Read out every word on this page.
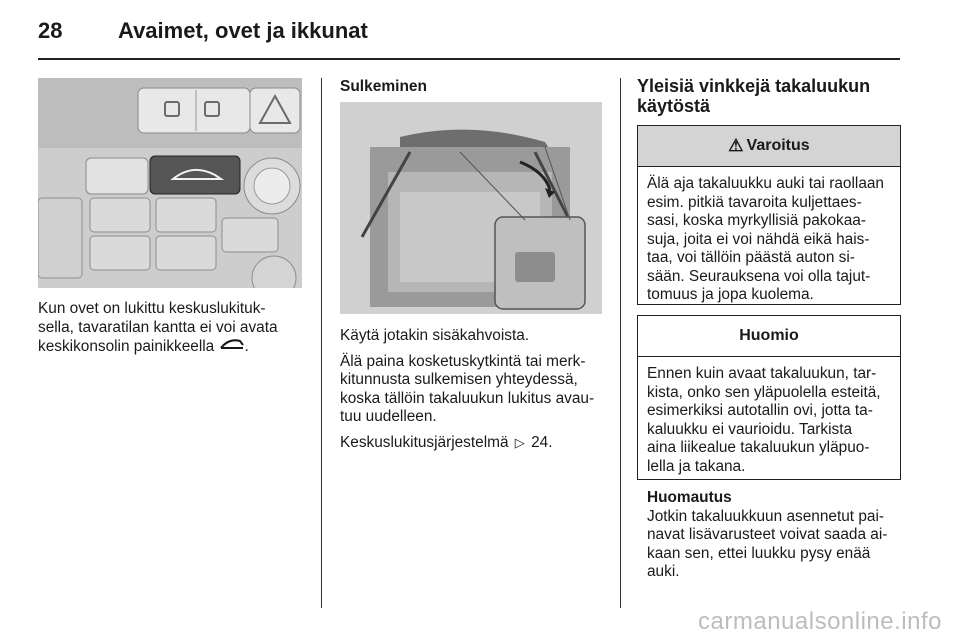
28	Avaimet, ovet ja ikkunat
Kun ovet on lukittu keskuslukituk-
sella, tavaratilan kantta ei voi avata
keskikonsolin painikkeella .
Sulkeminen
Käytä jotakin sisäkahvoista.
Älä paina kosketuskytkintä tai merk-
kitunnusta sulkemisen yhteydessä,
koska tällöin takaluukun lukitus avau-
tuu uudelleen.
Keskuslukitusjärjestelmä ▷ 24.
Yleisiä vinkkejä takaluukun
käytöstä
⚠ Varoitus
Älä aja takaluukku auki tai raollaan
esim. pitkiä tavaroita kuljettaes-
sasi, koska myrkyllisiä pakokaa-
suja, joita ei voi nähdä eikä hais-
taa, voi tällöin päästä auton si-
sään. Seurauksena voi olla tajut-
tomuus ja jopa kuolema.
Huomio
Ennen kuin avaat takaluukun, tar-
kista, onko sen yläpuolella esteitä,
esimerkiksi autotallin ovi, jotta ta-
kaluukku ei vaurioidu. Tarkista
aina liikealue takaluukun yläpuo-
lella ja takana.
Huomautus
Jotkin takaluukkuun asennetut pai-
navat lisävarusteet voivat saada ai-
kaan sen, ettei luukku pysy enää
auki.
carmanualsonline.info
